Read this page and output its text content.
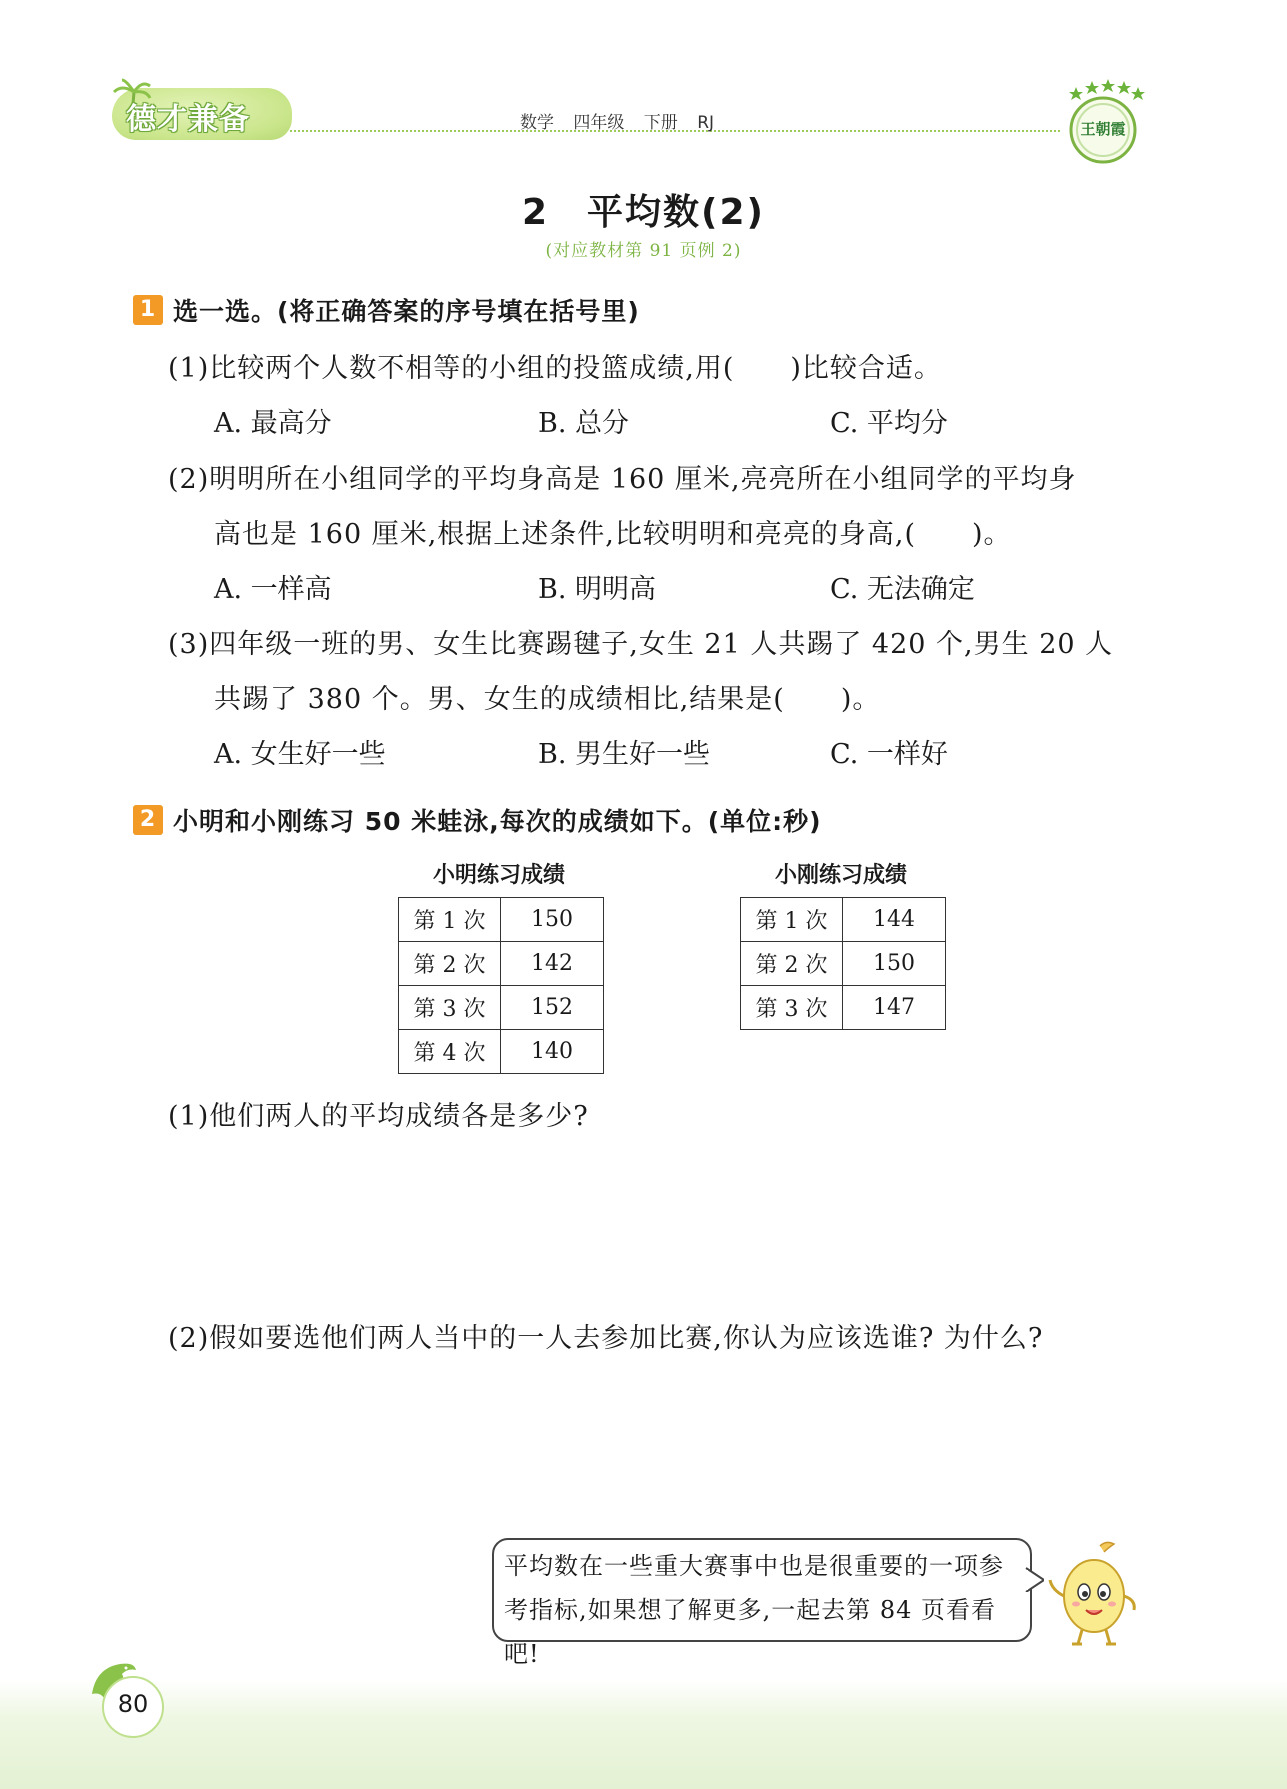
德才兼备	数学 四年级 下册 RJ	王朝霞
2　平均数(2)
(对应教材第 91 页例 2)
1 选一选。(将正确答案的序号填在括号里)
(1)比较两个人数不相等的小组的投篮成绩,用(　　)比较合适。
A. 最高分	B. 总分	C. 平均分
(2)明明所在小组同学的平均身高是 160 厘米,亮亮所在小组同学的平均身
高也是 160 厘米,根据上述条件,比较明明和亮亮的身高,(　　)。
A. 一样高	B. 明明高	C. 无法确定
(3)四年级一班的男、女生比赛踢毽子,女生 21 人共踢了 420 个,男生 20 人
共踢了 380 个。男、女生的成绩相比,结果是(　　)。
A. 女生好一些	B. 男生好一些	C. 一样好
2 小明和小刚练习 50 米蛙泳,每次的成绩如下。(单位:秒)
小明练习成绩
第 1 次	150
第 2 次	142
第 3 次	152
第 4 次	140
小刚练习成绩
第 1 次	144
第 2 次	150
第 3 次	147
(1)他们两人的平均成绩各是多少?
(2)假如要选他们两人当中的一人去参加比赛,你认为应该选谁? 为什么?
平均数在一些重大赛事中也是很重要的一项参
考指标,如果想了解更多,一起去第 84 页看看吧!
80
